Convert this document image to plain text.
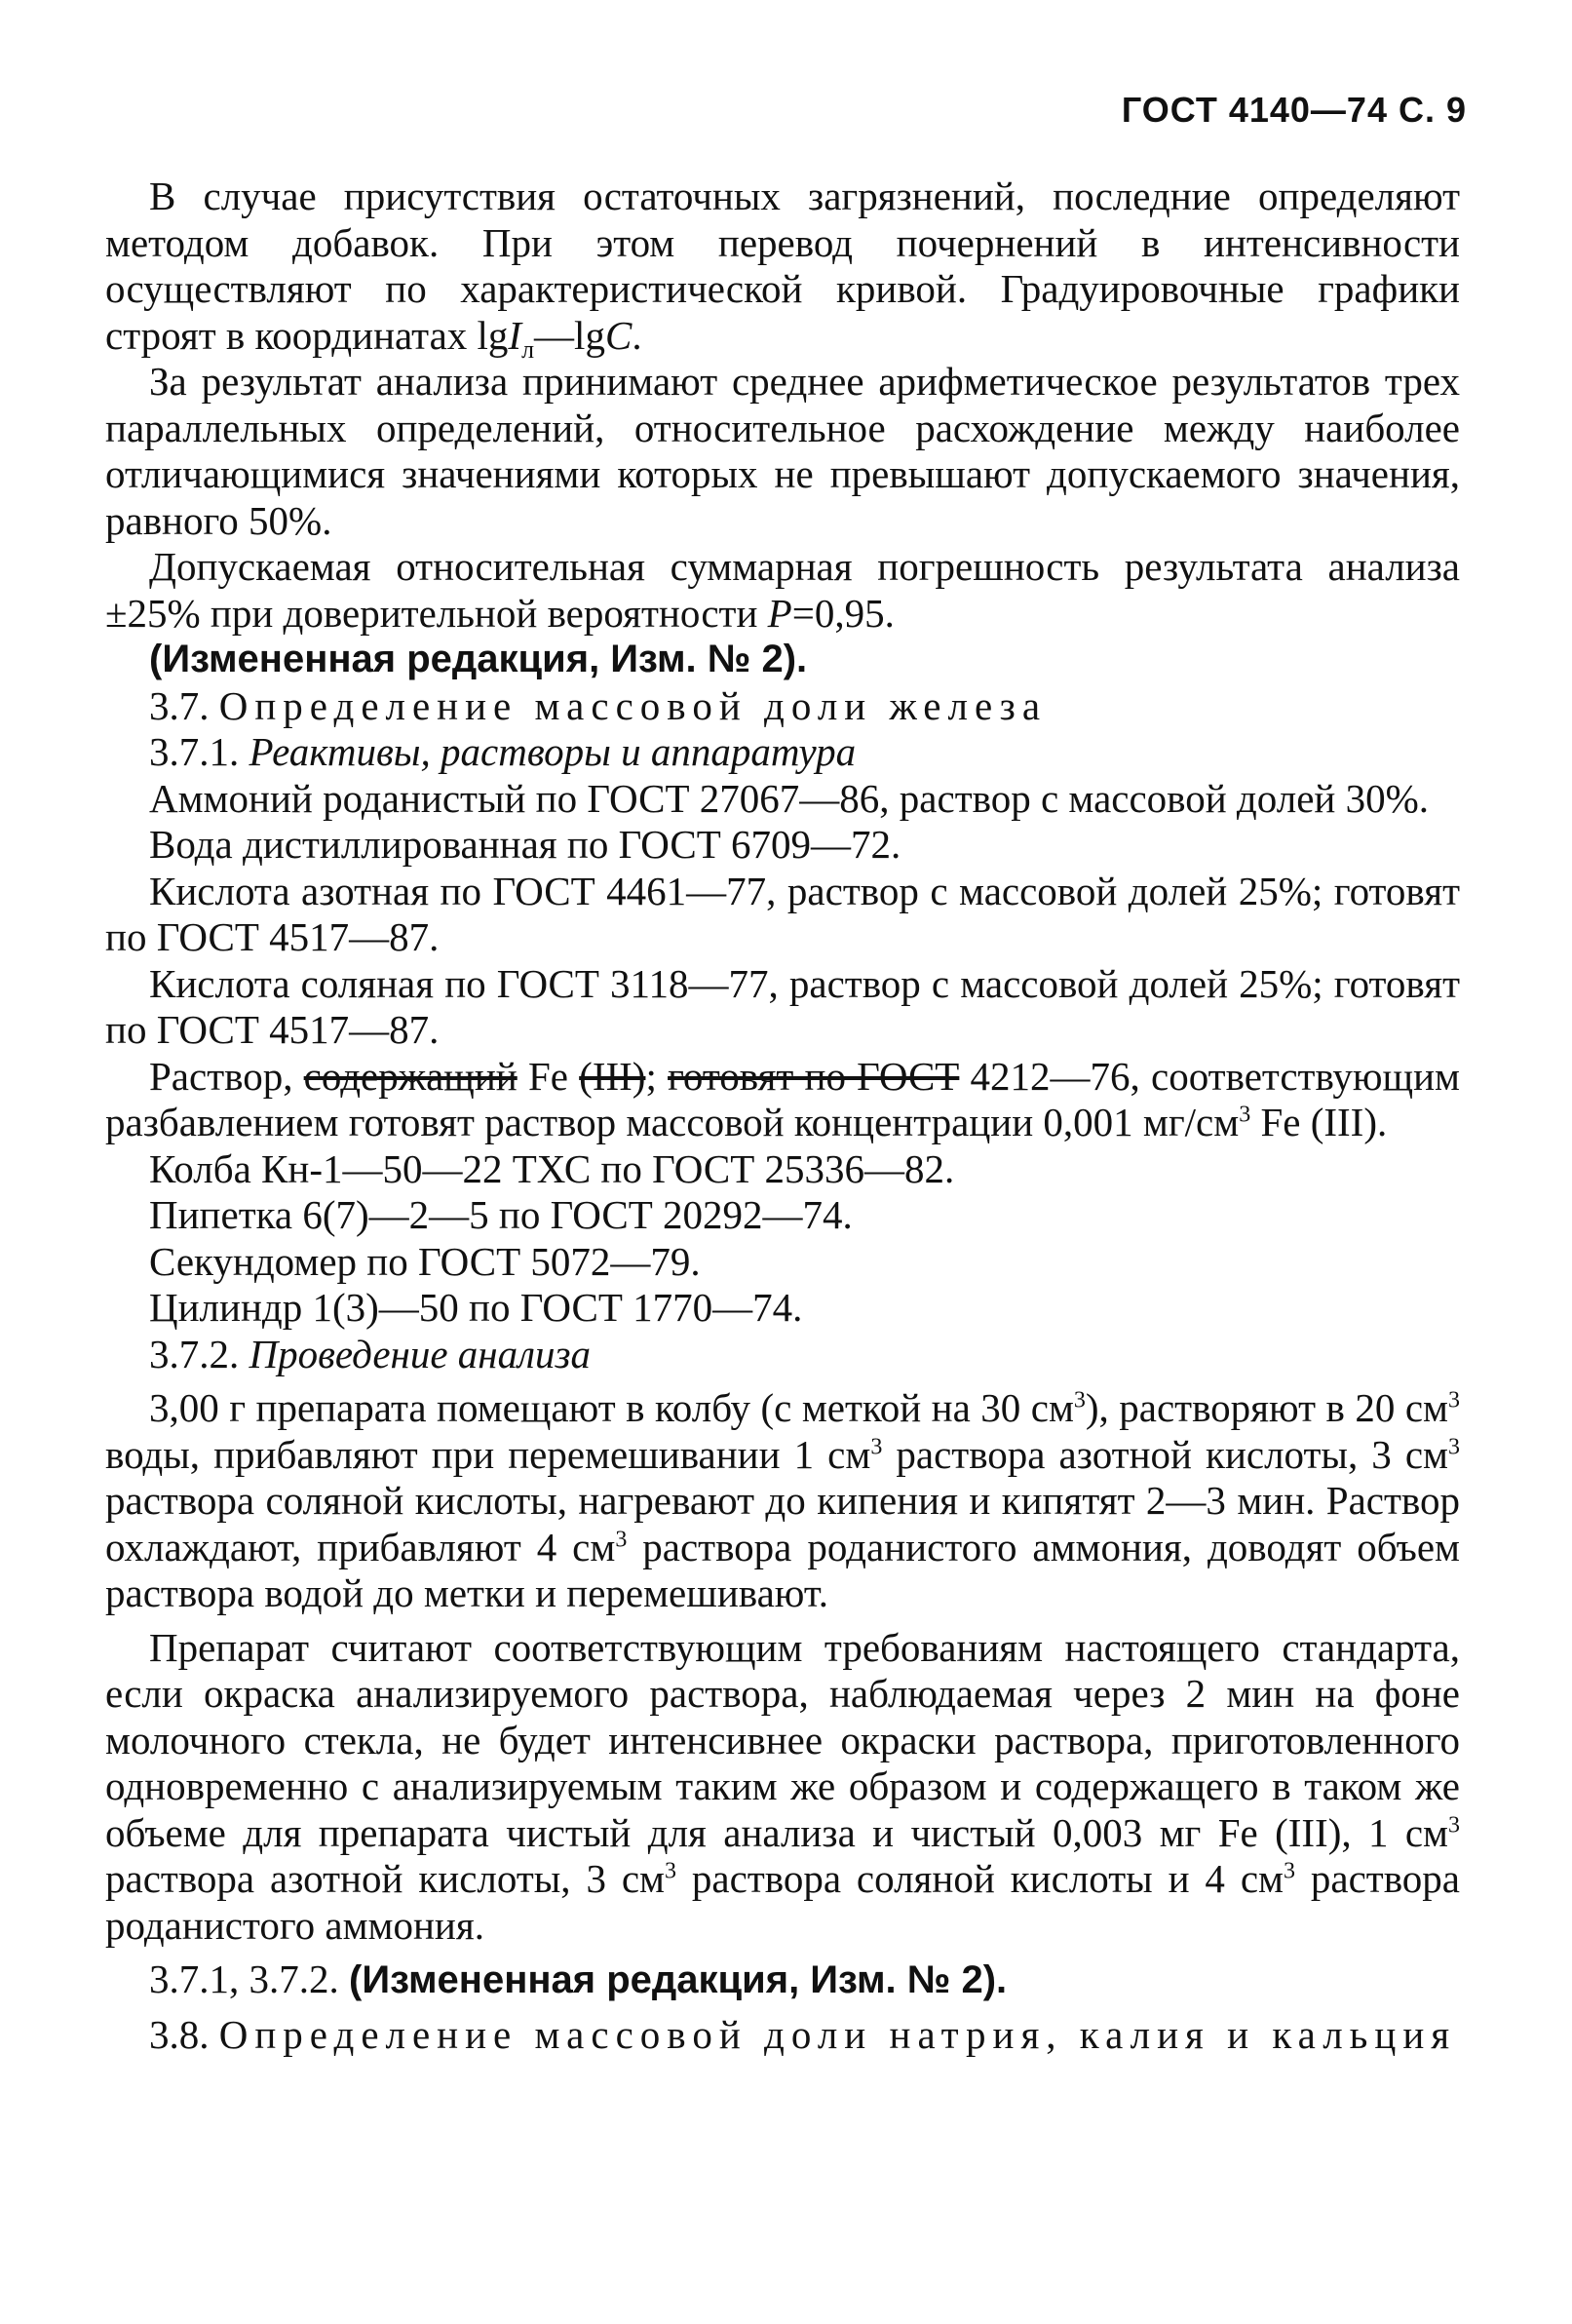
ГОСТ 4140—74 С. 9

В случае присутствия остаточных загрязнений, последние определяют методом добавок. При этом перевод почернений в интенсивности осуществляют по характеристической кривой. Градуировочные графики строят в координатах lgI$_л$—lgC.

За результат анализа принимают среднее арифметическое результатов трех параллельных определений, относительное расхождение между наиболее отличающимися значениями которых не превышают допускаемого значения, равного 50%.

Допускаемая относительная суммарная погрешность результата анализа ±25% при доверительной вероятности P=0,95.

(Измененная редакция, Изм. № 2).

3.7. Определение массовой доли железа

3.7.1. Реактивы, растворы и аппаратура

Аммоний роданистый по ГОСТ 27067—86, раствор с массовой долей 30%.

Вода дистиллированная по ГОСТ 6709—72.

Кислота азотная по ГОСТ 4461—77, раствор с массовой долей 25%; готовят по ГОСТ 4517—87.

Кислота соляная по ГОСТ 3118—77, раствор с массовой долей 25%; готовят по ГОСТ 4517—87.

Раствор, содержащий Fe (III); готовят по ГОСТ 4212—76, соответствующим разбавлением готовят раствор массовой концентрации 0,001 $мг/см^3$ Fe (III).

Колба Кн-1—50—22 ТХС по ГОСТ 25336—82.

Пипетка 6(7)—2—5 по ГОСТ 20292—74.

Секундомер по ГОСТ 5072—79.

Цилиндр 1(3)—50 по ГОСТ 1770—74.

3.7.2. Проведение анализа

3,00 г препарата помещают в колбу (с меткой на 30 $см^3$), растворяют в 20 $см^3$ воды, прибавляют при перемешивании 1 $см^3$ раствора азотной кислоты, 3 $см^3$ раствора соляной кислоты, нагревают до кипения и кипятят 2—3 мин. Раствор охлаждают, прибавляют 4 $см^3$ раствора роданистого аммония, доводят объем раствора водой до метки и перемешивают.

Препарат считают соответствующим требованиям настоящего стандарта, если окраска анализируемого раствора, наблюдаемая через 2 мин на фоне молочного стекла, не будет интенсивнее окраски раствора, приготовленного одновременно с анализируемым таким же образом и содержащего в таком же объеме для препарата чистый для анализа и чистый 0,003 мг Fe (III), 1 $см^3$ раствора азотной кислоты, 3 $см^3$ раствора соляной кислоты и 4 $см^3$ раствора роданистого аммония.

3.7.1, 3.7.2. (Измененная редакция, Изм. № 2).

3.8. Определение массовой доли натрия, калия и кальция
